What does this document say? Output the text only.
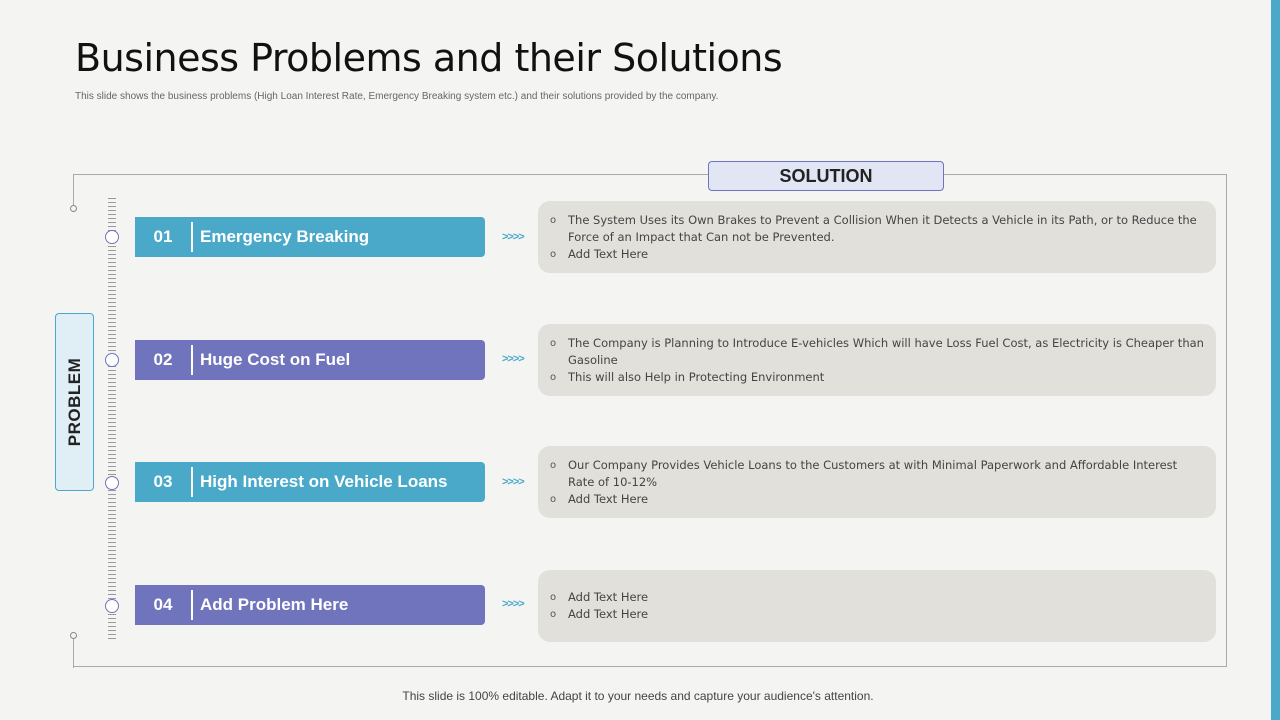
Business Problems and their Solutions
This slide shows the business problems (High Loan Interest Rate, Emergency Breaking system etc.) and their solutions provided by the company.
SOLUTION
PROBLEM
01	Emergency Breaking	>>>>
o The System Uses its Own Brakes to Prevent a Collision When it Detects a Vehicle in its Path, or to Reduce the Force of an Impact that Can not be Prevented.
o Add Text Here
02	Huge Cost on Fuel	>>>>
o The Company is Planning to Introduce E-vehicles Which will have Loss Fuel Cost, as Electricity is Cheaper than Gasoline
o This will also Help in Protecting Environment
03	High Interest on Vehicle Loans	>>>>
o Our Company Provides Vehicle Loans to the Customers at with Minimal Paperwork and Affordable Interest Rate of 10-12%
o Add Text Here
04	Add Problem Here	>>>>
o	Add Text Here
o Add Text Here
This slide is 100% editable. Adapt it to your needs and capture your audience's attention.
